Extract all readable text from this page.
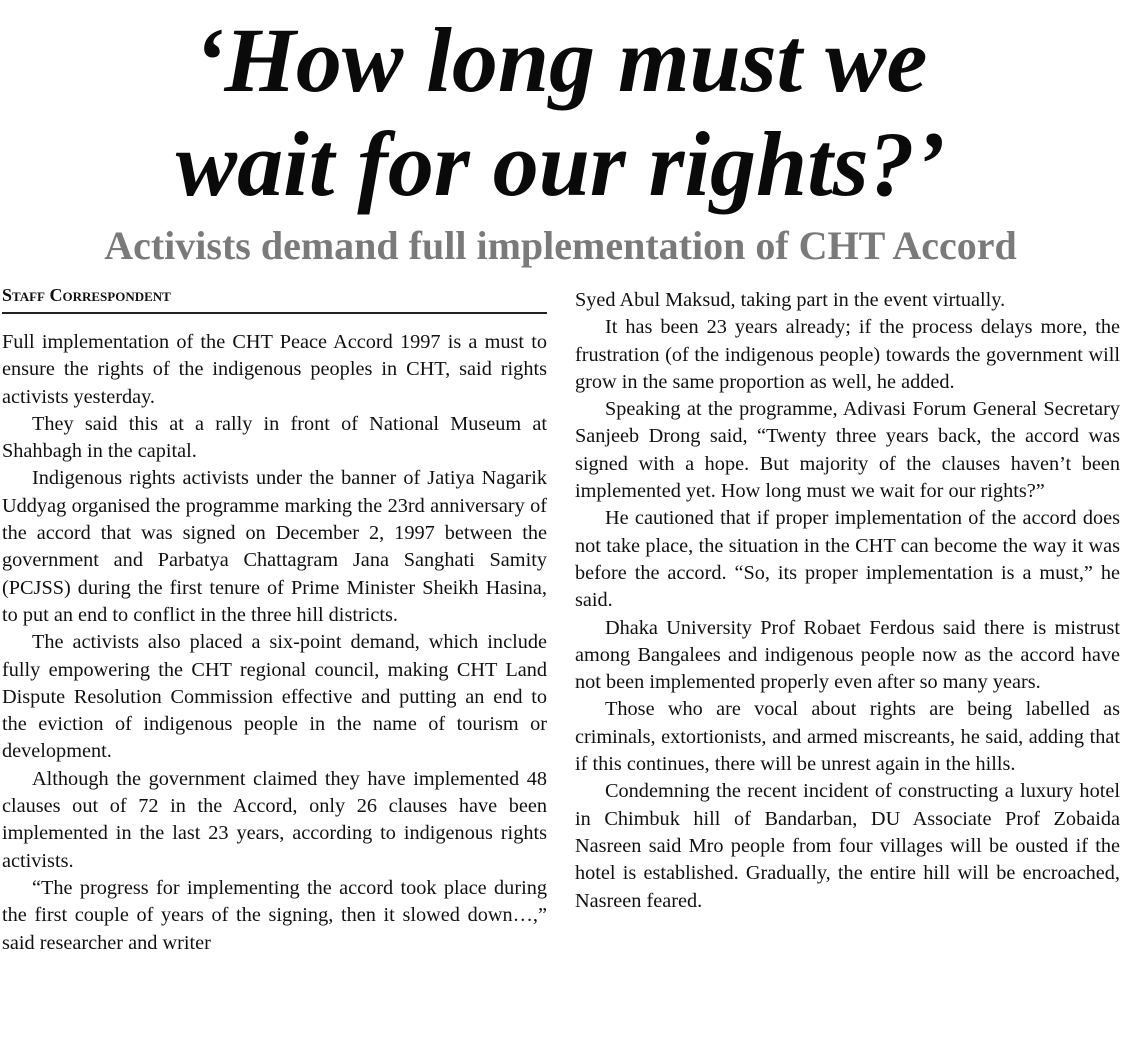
‘How long must we
wait for our rights?’
Activists demand full implementation of CHT Accord
Staff Correspondent

Full implementation of the CHT Peace Accord 1997 is a must to ensure the rights of the indigenous peoples in CHT, said rights activists yesterday.

They said this at a rally in front of National Museum at Shahbagh in the capital.

Indigenous rights activists under the banner of Jatiya Nagarik Uddyag organised the programme marking the 23rd anniversary of the accord that was signed on December 2, 1997 between the government and Parbatya Chattagram Jana Sanghati Samity (PCJSS) during the first tenure of Prime Minister Sheikh Hasina, to put an end to conflict in the three hill districts.

The activists also placed a six-point demand, which include fully empowering the CHT regional council, making CHT Land Dispute Resolution Commission effective and putting an end to the eviction of indigenous people in the name of tourism or development.

Although the government claimed they have implemented 48 clauses out of 72 in the Accord, only 26 clauses have been implemented in the last 23 years, according to indigenous rights activists.

“The progress for implementing the accord took place during the first couple of years of the signing, then it slowed down…,” said researcher and writer

Syed Abul Maksud, taking part in the event virtually.

It has been 23 years already; if the process delays more, the frustration (of the indigenous people) towards the government will grow in the same proportion as well, he added.

Speaking at the programme, Adivasi Forum General Secretary Sanjeeb Drong said, “Twenty three years back, the accord was signed with a hope. But majority of the clauses haven’t been implemented yet. How long must we wait for our rights?”

He cautioned that if proper implementation of the accord does not take place, the situation in the CHT can become the way it was before the accord. “So, its proper implementation is a must,” he said.

Dhaka University Prof Robaet Ferdous said there is mistrust among Bangalees and indigenous people now as the accord have not been implemented properly even after so many years.

Those who are vocal about rights are being labelled as criminals, extortionists, and armed miscreants, he said, adding that if this continues, there will be unrest again in the hills.

Condemning the recent incident of constructing a luxury hotel in Chimbuk hill of Bandarban, DU Associate Prof Zobaida Nasreen said Mro people from four villages will be ousted if the hotel is established. Gradually, the entire hill will be encroached, Nasreen feared.
